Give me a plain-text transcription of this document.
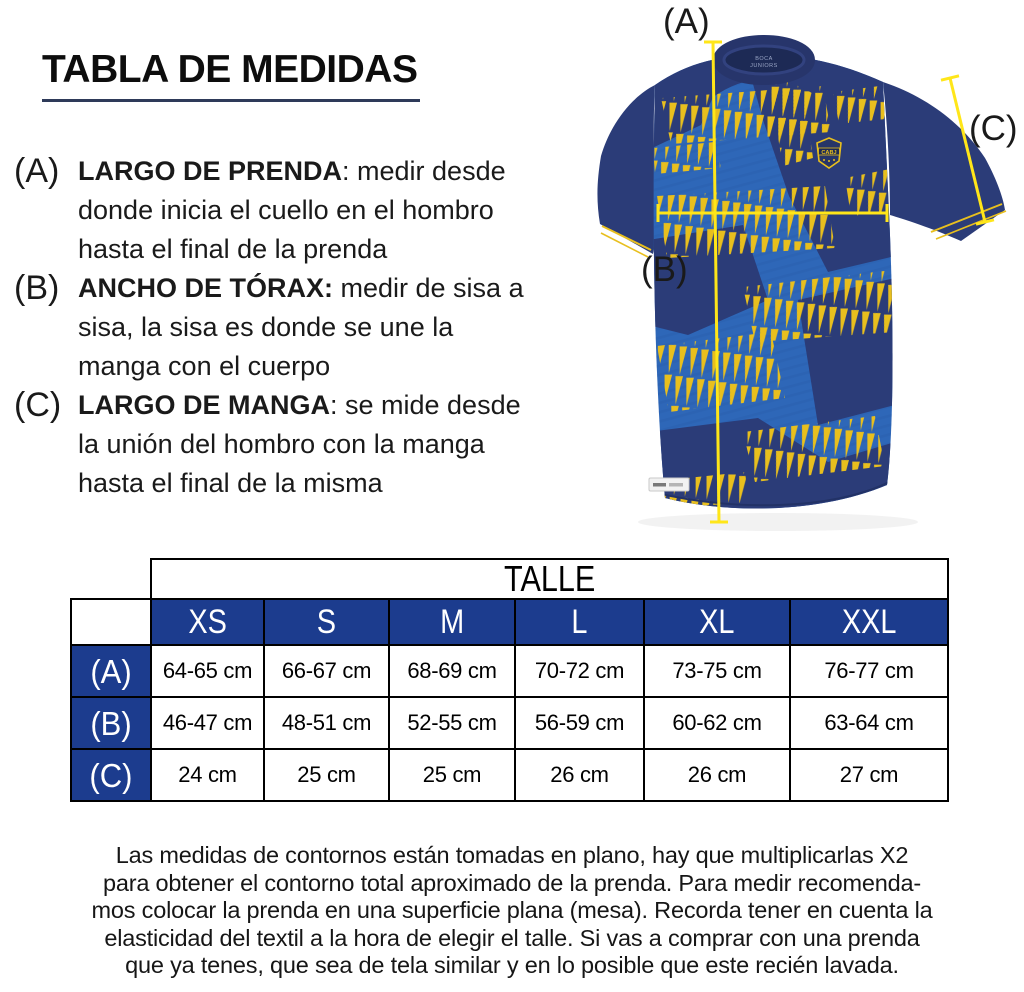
TABLA DE MEDIDAS
(A) LARGO DE PRENDA: medir desde
donde inicia el cuello en el hombro
hasta el final de la prenda
(B) ANCHO DE TÓRAX: medir de sisa a
sisa, la sisa es donde se une la
manga con el cuerpo
(C) LARGO DE MANGA: se mide desde
la unión del hombro con la manga
hasta el final de la misma
BOCA
JUNIORS
CABJ
(A)
(B)
(C)
	TALLE					
	XS	S	M	L	XL	XXL
(A)	64-65 cm	66-67 cm	68-69 cm	70-72 cm	73-75 cm	76-77 cm
(B)	46-47 cm	48-51 cm	52-55 cm	56-59 cm	60-62 cm	63-64 cm
(C)	24 cm	25 cm	25 cm	26 cm	26 cm	27 cm
Las medidas de contornos están tomadas en plano, hay que multiplicarlas X2
para obtener el contorno total aproximado de la prenda. Para medir recomenda-
mos colocar la prenda en una superficie plana (mesa). Recorda tener en cuenta la
elasticidad del textil a la hora de elegir el talle. Si vas a comprar con una prenda
que ya tenes, que sea de tela similar y en lo posible que este recién lavada.
